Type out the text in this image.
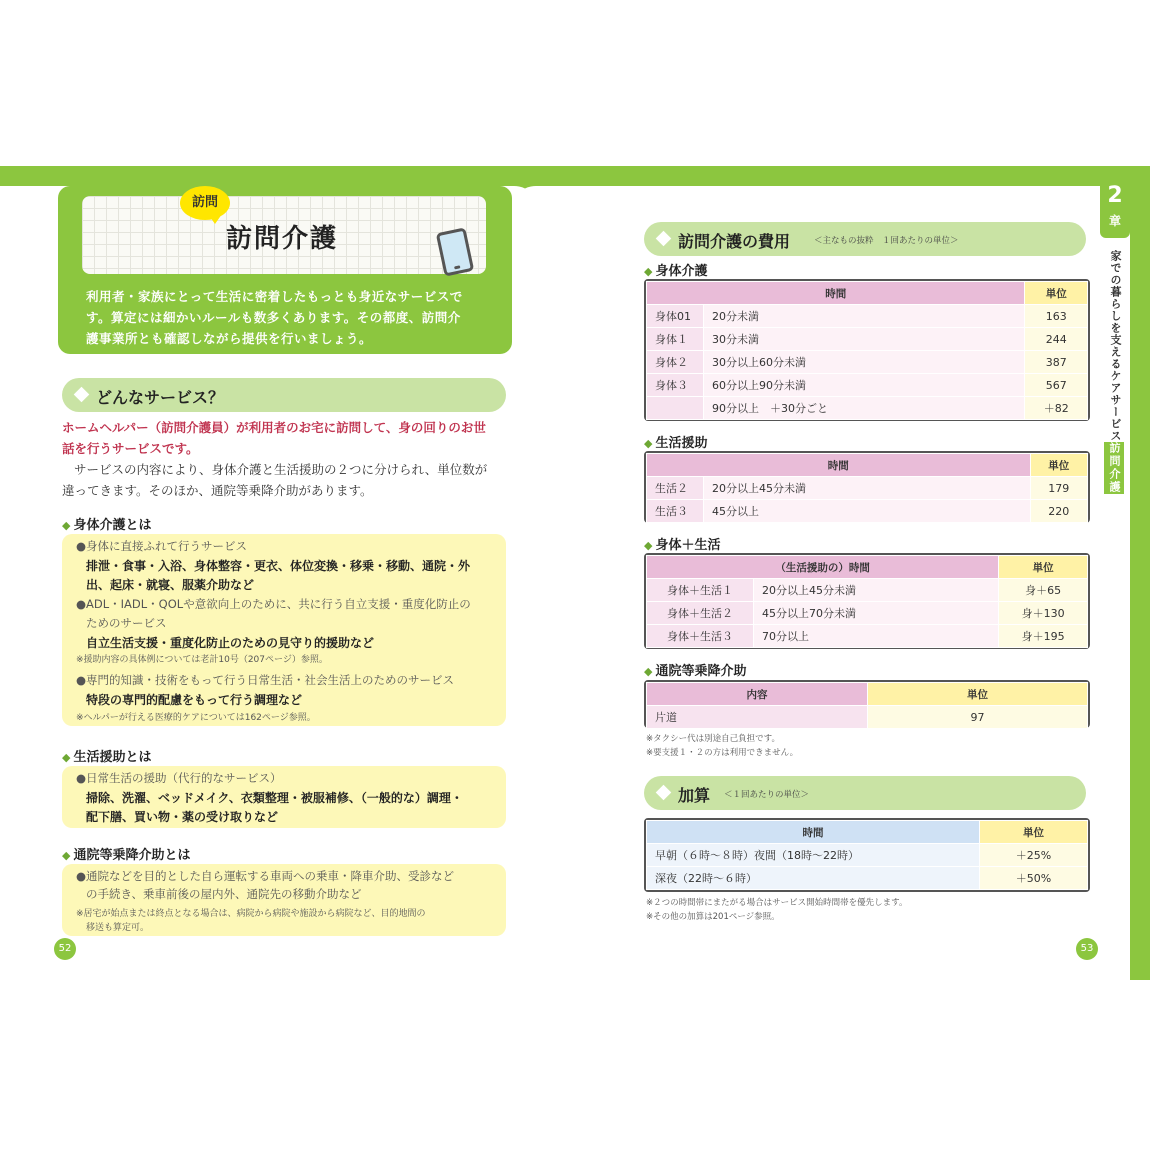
訪問
訪問介護
利用者・家族にとって生活に密着したもっとも身近なサービスで
す。算定には細かいルールも数多くあります。その都度、訪問介
護事業所とも確認しながら提供を行いましょう。
どんなサービス？
ホームヘルパー（訪問介護員）が利用者のお宅に訪問して、身の回りのお世
話を行うサービスです。
サービスの内容により、身体介護と生活援助の２つに分けられ、単位数が
違ってきます。そのほか、通院等乗降介助があります。
◆ 身体介護とは
●身体に直接ふれて行うサービス
排泄・食事・入浴、身体整容・更衣、体位変換・移乗・移動、通院・外
出、起床・就寝、服薬介助など
●ADL・IADL・QOLや意欲向上のために、共に行う自立支援・重度化防止の
ためのサービス
自立生活支援・重度化防止のための見守り的援助など
※援助内容の具体例については老計10号（207ページ）参照。
●専門的知識・技術をもって行う日常生活・社会生活上のためのサービス
特段の専門的配慮をもって行う調理など
※ヘルパーが行える医療的ケアについては162ページ参照。
◆ 生活援助とは
●日常生活の援助（代行的なサービス）
掃除、洗濯、ベッドメイク、衣類整理・被服補修、（一般的な）調理・
配下膳、買い物・薬の受け取りなど
◆ 通院等乗降介助とは
●通院などを目的とした自ら運転する車両への乗車・降車介助、受診など
の手続き、乗車前後の屋内外、通院先の移動介助など
※居宅が始点または終点となる場合は、病院から病院や施設から病院など、目的地間の
移送も算定可。
52
2
章
家での暮らしを支えるケアサービス
訪問介護
訪問介護の費用	＜主なもの抜粋　１回あたりの単位＞
◆ 身体介護
時間		単位
身体01	20分未満	163
身体１	30分未満	244
身体２	30分以上60分未満	387
身体３	60分以上90分未満	567
	90分以上　＋30分ごと	＋82
◆ 生活援助
時間		単位
生活２	20分以上45分未満	179
生活３	45分以上	220
◆ 身体＋生活
（生活援助の）時間		単位
身体＋生活１	20分以上45分未満	身＋65
身体＋生活２	45分以上70分未満	身＋130
身体＋生活３	70分以上	身＋195
◆ 通院等乗降介助
内容	単位
片道	97
※タクシー代は別途自己負担です。
※要支援１・２の方は利用できません。
加算 ＜１回あたりの単位＞
時間	単位
早朝（６時～８時）夜間（18時～22時）	＋25%
深夜（22時～６時）	＋50%
※２つの時間帯にまたがる場合はサービス開始時間帯を優先します。
※その他の加算は201ページ参照。
53
